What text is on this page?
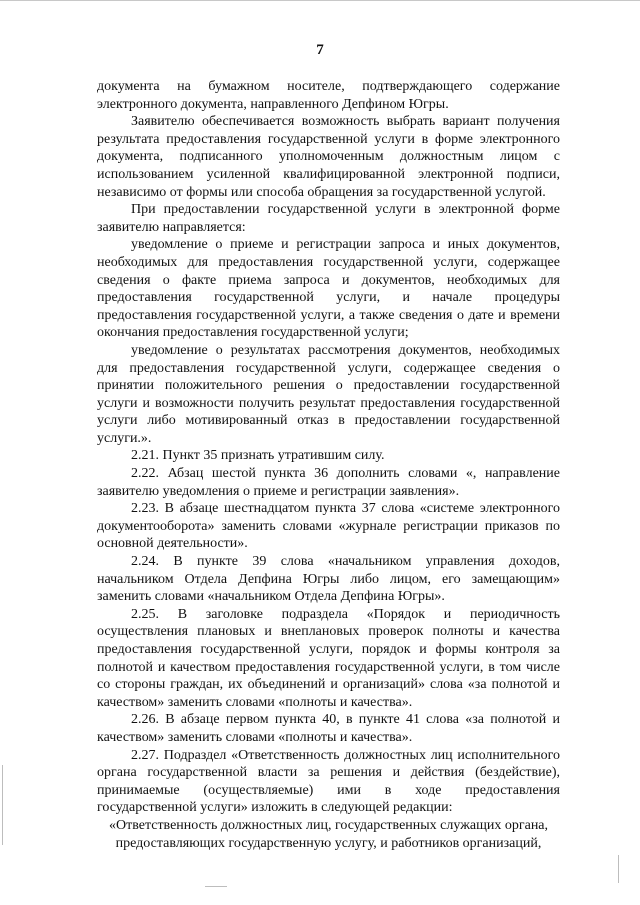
7

документа на бумажном носителе, подтверждающего содержание электронного документа, направленного Депфином Югры.

Заявителю обеспечивается возможность выбрать вариант получения результата предоставления государственной услуги в форме электронного документа, подписанного уполномоченным должностным лицом с использованием усиленной квалифицированной электронной подписи, независимо от формы или способа обращения за государственной услугой.

При предоставлении государственной услуги в электронной форме заявителю направляется:

уведомление о приеме и регистрации запроса и иных документов, необходимых для предоставления государственной услуги, содержащее сведения о факте приема запроса и документов, необходимых для предоставления государственной услуги, и начале процедуры предоставления государственной услуги, а также сведения о дате и времени окончания предоставления государственной услуги;

уведомление о результатах рассмотрения документов, необходимых для предоставления государственной услуги, содержащее сведения о принятии положительного решения о предоставлении государственной услуги и возможности получить результат предоставления государственной услуги либо мотивированный отказ в предоставлении государственной услуги.».

2.21. Пункт 35 признать утратившим силу.

2.22. Абзац шестой пункта 36 дополнить словами «, направление заявителю уведомления о приеме и регистрации заявления».

2.23. В абзаце шестнадцатом пункта 37 слова «системе электронного документооборота» заменить словами «журнале регистрации приказов по основной деятельности».

2.24. В пункте 39 слова «начальником управления доходов, начальником Отдела Депфина Югры либо лицом, его замещающим» заменить словами «начальником Отдела Депфина Югры».

2.25. В заголовке подраздела «Порядок и периодичность осуществления плановых и внеплановых проверок полноты и качества предоставления государственной услуги, порядок и формы контроля за полнотой и качеством предоставления государственной услуги, в том числе со стороны граждан, их объединений и организаций» слова «за полнотой и качеством» заменить словами «полноты и качества».

2.26. В абзаце первом пункта 40, в пункте 41 слова «за полнотой и качеством» заменить словами «полноты и качества».

2.27. Подраздел «Ответственность должностных лиц исполнительного органа государственной власти за решения и действия (бездействие), принимаемые (осуществляемые) ими в ходе предоставления государственной услуги» изложить в следующей редакции:

«Ответственность должностных лиц, государственных служащих органа, предоставляющих государственную услугу, и работников организаций,
